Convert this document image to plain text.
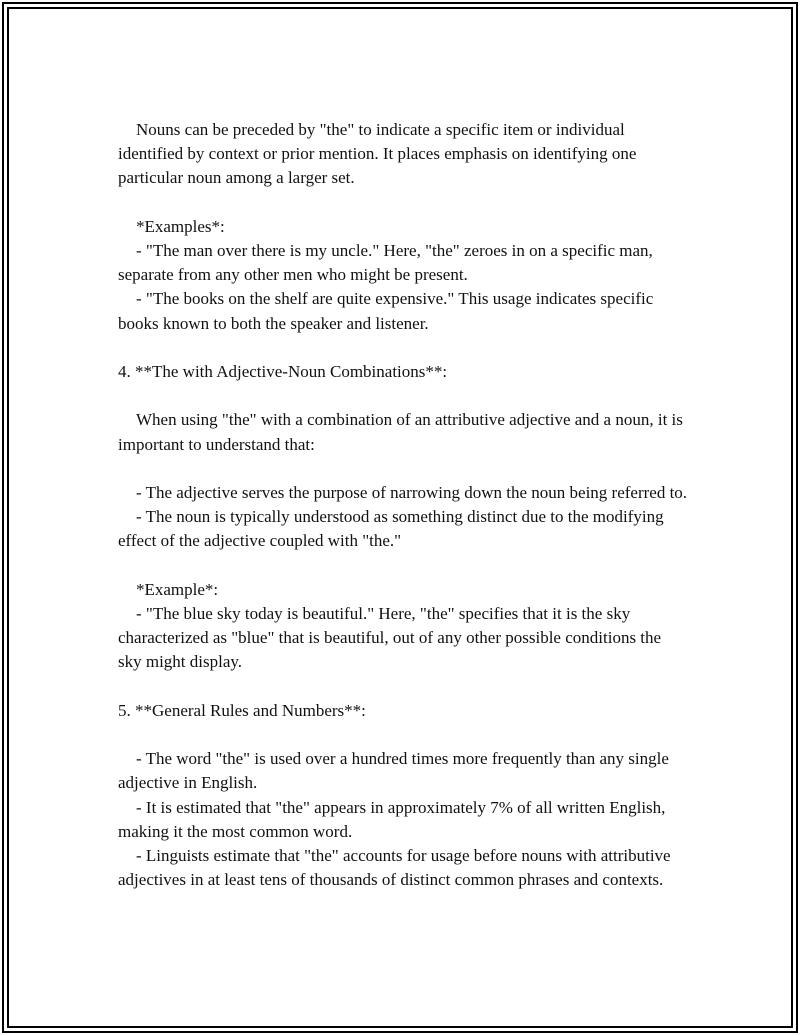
Nouns can be preceded by "the" to indicate a specific item or individual identified by context or prior mention. It places emphasis on identifying one particular noun among a larger set.

*Examples*:

- "The man over there is my uncle." Here, "the" zeroes in on a specific man, separate from any other men who might be present.

- "The books on the shelf are quite expensive." This usage indicates specific books known to both the speaker and listener.

4. **The with Adjective-Noun Combinations**:

When using "the" with a combination of an attributive adjective and a noun, it is important to understand that:

- The adjective serves the purpose of narrowing down the noun being referred to.

- The noun is typically understood as something distinct due to the modifying effect of the adjective coupled with "the."

*Example*:

- "The blue sky today is beautiful." Here, "the" specifies that it is the sky characterized as "blue" that is beautiful, out of any other possible conditions the sky might display.

5. **General Rules and Numbers**:

- The word "the" is used over a hundred times more frequently than any single adjective in English.

- It is estimated that "the" appears in approximately 7% of all written English, making it the most common word.

- Linguists estimate that "the" accounts for usage before nouns with attributive adjectives in at least tens of thousands of distinct common phrases and contexts.
